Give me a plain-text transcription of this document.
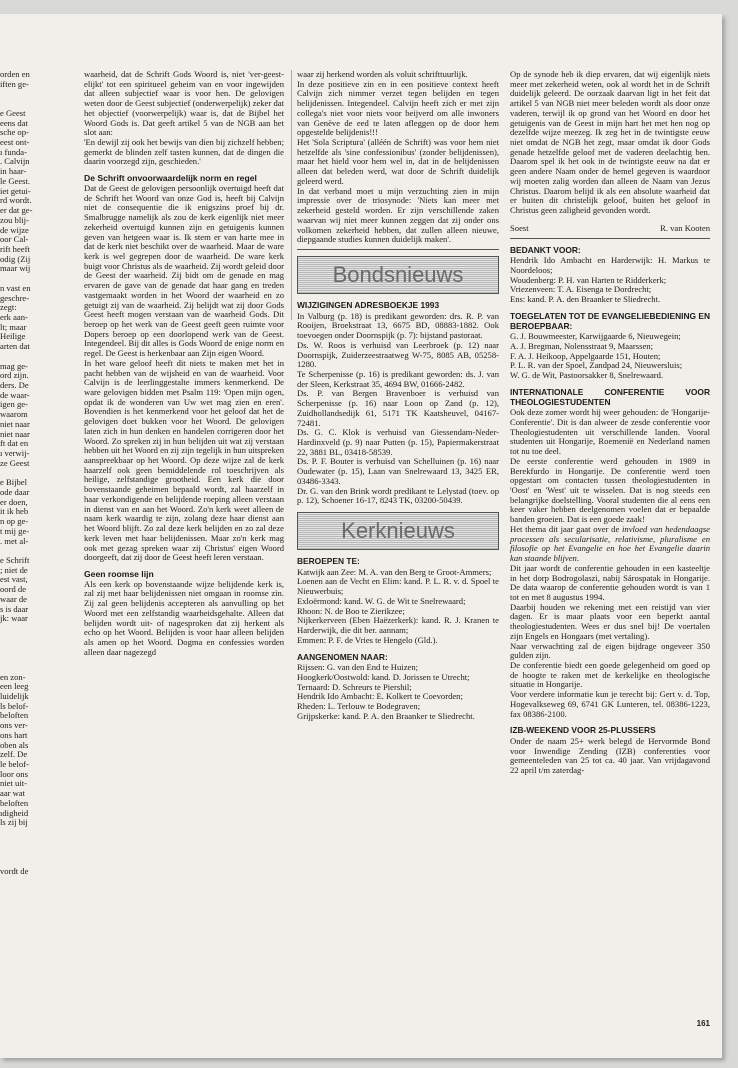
orden en
iften ge-
e Geest
eens dat
sche op-
eest ont-
ı funda-
. Calvijn
in haar-
le Geest.
iet getui-
rd wordt.
er dat ge-
zou blij-
de wijze
oor Cal-
rift heeft
odig (Zij
maar wij
n vast en
geschre-
zegt:
erk aan-
lt; maar
Heilige
arten dat
mag ge-
ord zijn.
ders. De
de waar-
igen ge-
waarom
niet naar
niet naar
ft dat en
ı verwij-
ze Geest
e Bijbel
ode daar
er doen,
it ik heb
n op ge-
t mij ge-
. met al-
e Schrift
; niet de
est vast,
oord de
waar de
s is daar
jk: waar
en zon-
een leeg
luidelijk
ls belof-
beloften
ons ver-
ons hart
oben als
zelf. De
le belof-
loor ons
niet uit-
aar wat
beloften
ıdigheid
ls zij bij
vordt de

waarheid, dat de Schrift Gods Woord is, niet 'ver-geest-elijkt' tot een spirituеel geheim van en voor ingewijden dat alleen subjectief waar is voor hen. De gelovigen weten door de Geest subjectief (onderwerpelijk) zeker dat het objectief (voorwerpelijk) waar is, dat de Bijbel het Woord Gods is. Dat geeft artikel 5 van de NGB aan het slot aan:

'En dewijl zij ook het bewijs van dien bij zichzelf hebben; gemerkt de blinden zelf tasten kunnen, dat de dingen die daarin voorzegd zijn, geschieden.'

De Schrift onvoorwaardelijk norm en regel

Dat de Geest de gelovigen persoonlijk overtuigd heeft dat de Schrift het Woord van onze God is, heeft bij Calvijn niet de consequentie die ik enigszins proef bij dr. Smalbrugge namelijk als zou de kerk eigenlijk niet meer zekerheid overtuigd kunnen zijn en getuigenis kunnen geven van hetgeen waar is. Ik stem er van harte mee in dat de kerk niet beschikt over de waarheid. Maar de ware kerk is wel gegrepen door de waarheid. De ware kerk buigt voor Christus als de waarheid. Zij wordt geleid door de Geest der waarheid. Zij bidt om de genade en mag ervaren de gave van de genade dat haar gang en treden vastgemaakt worden in het Woord der waarheid en zo getuigt zij van de waarheid. Zij belijdt wat zij door Gods Geest heeft mogen verstaan van de waarheid Gods. Dit beroep op het werk van de Geest geeft geen ruimte voor Dopers beroep op een doorlopend werk van de Geest. Integendeel. Bij dit alles is Gods Woord de enige norm en regel. De Geest is herkenbaar aan Zijn eigen Woord.

In het ware geloof heeft dit niets te maken met het in pacht hebben van de wijsheid en van de waarheid. Voor Calvijn is de leerlinggestalte immers kenmerkend. De ware gelovigen bidden met Psalm 119: 'Open mijn ogen, opdat ik de wonderen van Uw wet mag zien en eren'. Bovendien is het kenmerkend voor het geloof dat het de gelovigen doet bukken voor het Woord. De gelovigen laten zich in hun denken en handelen corrigeren door het Woord. Zo spreken zij in hun belijden uit wat zij verstaan hebben uit het Woord en zij zijn tegelijk in hun uitspreken aanspreekbaar op het Woord. Op deze wijze zal de kerk haarzelf ook geen bemiddelende rol toeschrijven als heilige, zelfstandige grootheid. Een kerk die door bovenstaande geheimen bepaald wordt, zal haarzelf in haar verkondigende en belijdende roeping alleen verstaan in dienst van en aan het Woord. Zo'n kerk weet alleen de naam kerk waardig te zijn, zolang deze haar dienst aan het Woord blijft. Zo zal deze kerk belijden en zo zal deze kerk leven met haar belijdenissen. Maar zo'n kerk mag ook met gezag spreken waar zij Christus' eigen Woord doorgeeft, dat zij door de Geest heeft leren verstaan.

Geen roomse lijn

Als een kerk op bovenstaande wijze belijdende kerk is, zal zij met haar belijdenissen niet omgaan in roomse zin. Zij zal geen belijdenis accepteren als aanvulling op het Woord met een zelfstandig waarheidsgehalte. Alleen dat belijden wordt uit- of nagesproken dat zij herkent als echo op het Woord. Belijden is voor haar alleen belijden als amen op het Woord. Dogma en confessies worden alleen daar nagezegd

waar zij herkend worden als voluit schrifttuurlijk.

In deze positieve zin en in een positieve context heeft Calvijn zich nimmer verzet tegen belijden en tegen belijdenissen. Integendeel. Calvijn heeft zich er met zijn collega's niet voor niets voor beijverd om alle inwoners van Genève de eed te laten afleggen op de door hem opgestelde belijdenis!!!

Het 'Sola Scriptura' (alléén de Schrift) was voor hem niet hetzelfde als 'sine confessionibus' (zonder belijdenissen), maar het hield voor hem wel in, dat in de belijdenissen alleen dat beleden werd, wat door de Schrift duidelijk geleerd werd.

In dat verband moet u mijn verzuchting zien in mijn impressie over de triosynode: 'Niets kan meer met zekerheid gesteld worden. Er zijn verschillende zaken waarvan wij niet meer kunnen zeggen dat zij onder ons volkomen zekerheid hebben, dat zullen alleen nieuwe, diepgaande studies kunnen duidelijk maken'.

Bondsnieuws
WIJZIGINGEN ADRESBOEKJE 1993
In Valburg (p. 18) is predikant geworden: drs. R. P. van Rooijen, Broekstraat 13, 6675 BD, 08883-1882. Ook toevoegen onder Doornspijk (p. 7): bijstand pastoraat.
Ds. W. Roos is verhuisd van Leerbroek (p. 12) naar Doornspijk, Zuiderzeestraatweg W-75, 8085 AB, 05258-1280.
Te Scherpenisse (p. 16) is predikant geworden: ds. J. van der Sleen, Kerkstraat 35, 4694 BW, 01666-2482.
Ds. P. van Bergen Bravenboer is verhuisd van Scherpenisse (p. 16) naar Loon op Zand (p. 12), Zuidhollandsedijk 61, 5171 TK Kaatsheuvel, 04167-72481.
Ds. G. C. Klok is verhuisd van Giessendam-Neder-Hardinxveld (p. 9) naar Putten (p. 15), Papiermakerstraat 22, 3881 BL, 03418-58539.
Ds. P. F. Bouter is verhuisd van Schelluinen (p. 16) naar Oudewater (p. 15), Laan van Snelrewaard 13, 3425 ER, 03486-3343.
Dr. G. van den Brink wordt predikant te Lelystad (toev. op p. 12), Schoener 16-17, 8243 TK, 03200-50439.
Kerknieuws
BEROEPEN TE:
Katwijk aan Zee: M. A. van den Berg te Groot-Ammers;
Loenen aan de Vecht en Elim: kand. P. L. R. v. d. Spoel te Nieuwerbuis;
Exloërmond: kand. W. G. de Wit te Snelrewaard;
Rhoon: N. de Boo te Zierikzee;
Nijkerkerveen (Eben Haëzerkerk): kand. R. J. Kranen te Harderwijk, die dit ber. aannam;
Emmen: P. F. de Vries te Hengelo (Gld.).
AANGENOMEN NAAR:
Rijssen: G. van den End te Huizen;
Hoogkerk/Oostwold: kand. D. Jorissen te Utrecht;
Ternaard: D. Schreurs te Piershil;
Hendrik Ido Ambacht: E. Kolkert te Coevorden;
Rheden: L. Terlouw te Bodegraven;
Grijpskerke: kand. P. A. den Braanker te Sliedrecht.

Op de synode heb ik diep ervaren, dat wij eigenlijk niets meer met zekerheid weten, ook al wordt het in de Schrift duidelijk geleerd. De oorzaak daarvan ligt in het feit dat artikel 5 van NGB niet meer beleden wordt als door onze vaderen, terwijl ik op grond van het Woord en door het getuigenis van de Geest in mijn hart het met hen nog op dezelfde wijze meezeg. Ik zeg het in de twintigste eeuw niet omdat de NGB het zegt, maar omdat ik door Gods genade hetzelfde geloof met de vaderen deelachtig ben. Daarom spel ik het ook in de twintigste eeuw na dat er geen andere Naam onder de hemel gegeven is waardoor wij moeten zalig worden dan alleen de Naam van Jezus Christus. Daarom belijd ik als een absolute waarheid dat er buiten dit christelijk geloof, buiten het geloof in Christus geen zaligheid gevonden wordt.

Soest	R. van Kooten
BEDANKT VOOR:
Hendrik Ido Ambacht en Harderwijk: H. Markus te Noordeloos;
Woudenberg: P. H. van Harten te Ridderkerk;
Vriezenveen: T. A. Eisenga te Dordrecht;
Ens: kand. P. A. den Braanker te Sliedrecht.
TOEGELATEN TOT DE EVANGELIEBEDIENING EN BEROEPBAAR:
G. J. Bouwmeester, Karwijgaarde 6, Nieuwegein;
A. J. Bregman, Nolensstraat 9, Maarssen;
F. A. J. Heikoop, Appelgaarde 151, Houten;
P. L. R. van der Spoel, Zandpad 24, Nieuwersluis;
W. G. de Wit, Pastoorsakker 8, Snelrewaard.
INTERNATIONALE CONFERENTIE VOOR THEOLOGIESTUDENTEN

Ook deze zomer wordt hij weer gehouden: de 'Hongarije-Conferentie'. Dit is dan alweer de zesde conferentie voor Theologiestudenten uit verschillende landen. Vooral studenten uit Hongarije, Roemenië en Nederland namen tot nu toe deel.

De eerste conferentie werd gehouden in 1989 in Berekfurdo in Hongarije. De conferentie werd toen opgestart om contacten tussen theologiestudenten in 'Oost' en 'West' uit te wisselen. Dat is nog steeds een belangrijke doelstelling. Vooral studenten die al eens een keer vaker hebben deelgenomen voelen dat er bepaalde banden groeien. Dat is een goede zaak!

Het thema dit jaar gaat over de invloed van hedendaagse processen als secularisatie, relativisme, pluralisme en filosofie op het Evangelie en hoe het Evangelie daarin kan staande blijven.

Dit jaar wordt de conferentie gehouden in een kasteeltje in het dorp Bodrogolaszi, nabij Sárospatak in Hongarije. De data waarop de conferentie gehouden wordt is van 1 tot en met 8 augustus 1994.

Daarbij houden we rekening met een reistijd van vier dagen. Er is maar plaats voor een beperkt aantal theologiestudenten. Wees er dus snel bij! De voertalen zijn Engels en Hongaars (met vertaling).

Naar verwachting zal de eigen bijdrage ongeveer 350 gulden zijn.

De conferentie biedt een goede gelegenheid om goed op de hoogte te raken met de kerkelijke en theologische situatie in Hongarije.

Voor verdere informatie kun je terecht bij: Gert v. d. Top, Hogevalkseweg 69, 6741 GK Lunteren, tel. 08386-1223, fax 08386-2100.

IZB-WEEKEND VOOR 25-PLUSSERS

Onder de naam 25+ werk belegd de Hervormde Bond voor Inwendige Zending (IZB) conferenties voor gemeenteleden van 25 tot ca. 40 jaar. Van vrijdagavond 22 april t/m zaterdag-

161
